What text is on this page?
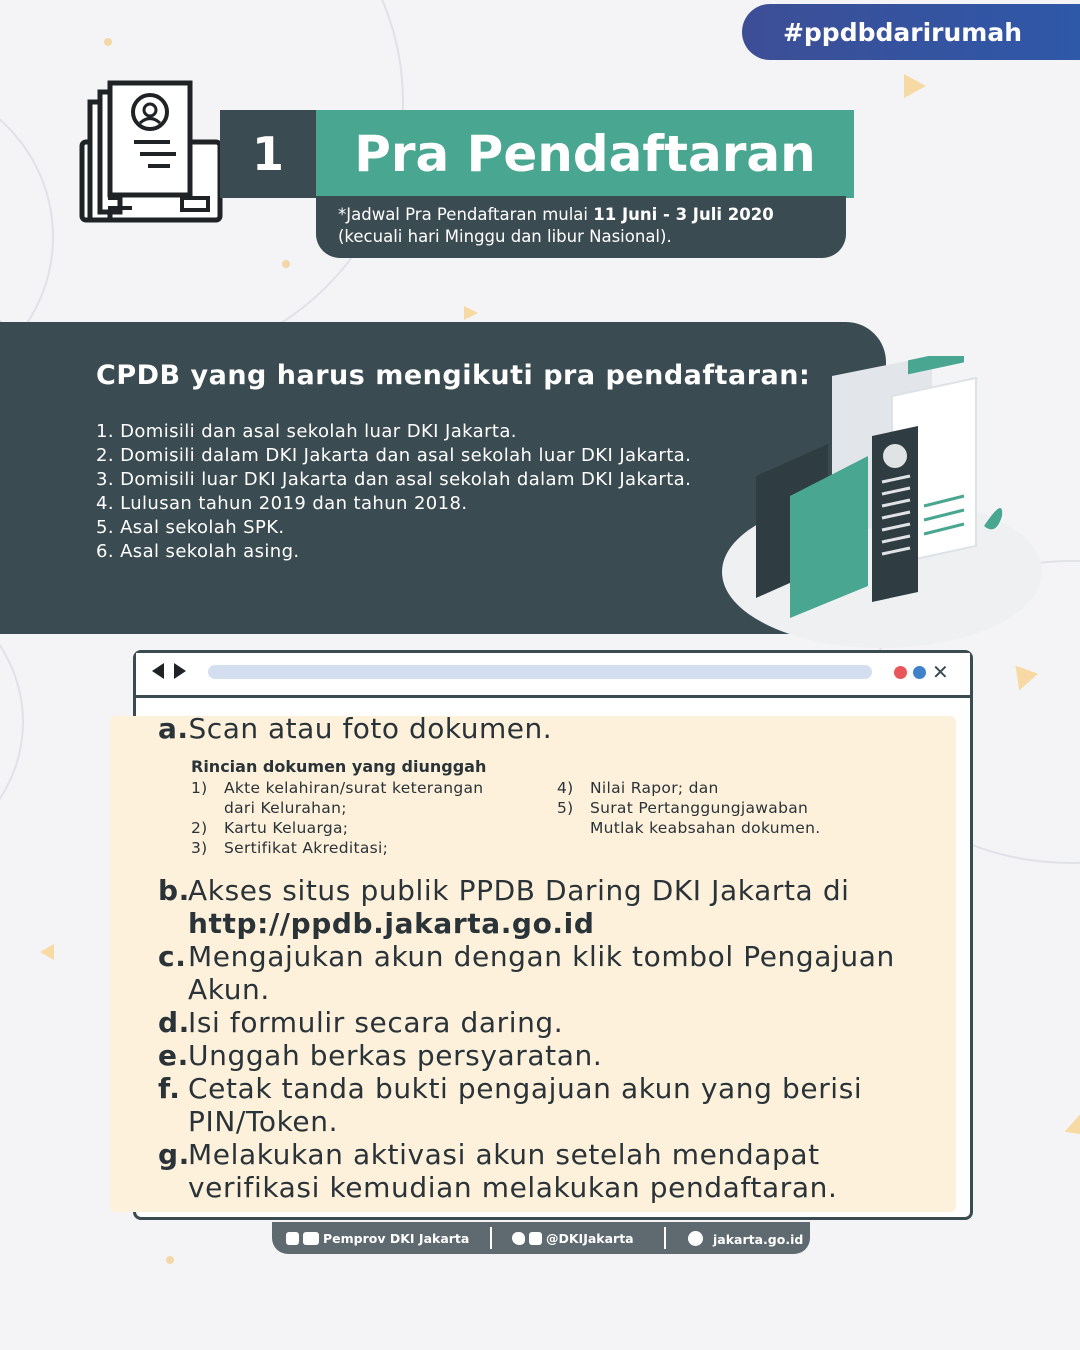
#ppdbdarirumah
1	Pra Pendaftaran
*Jadwal Pra Pendaftaran mulai 11 Juni - 3 Juli 2020
(kecuali hari Minggu dan libur Nasional).
CPDB yang harus mengikuti pra pendaftaran:
1. Domisili dan asal sekolah luar DKI Jakarta.
2. Domisili dalam DKI Jakarta dan asal sekolah luar DKI Jakarta.
3. Domisili luar DKI Jakarta dan asal sekolah dalam DKI Jakarta.
4. Lulusan tahun 2019 dan tahun 2018.
5. Asal sekolah SPK.
6. Asal sekolah asing.
✕
a.Scan atau foto dokumen.
Rincian dokumen yang diunggah
1) Akte kelahiran/surat keterangan dari Kelurahan;
2) Kartu Keluarga;
3) Sertifikat Akreditasi;
4) Nilai Rapor; dan
5) Surat Pertanggungjawaban Mutlak keabsahan dokumen.
b.
Akses situs publik PPDB Daring DKI Jakarta di
http://ppdb.jakarta.go.id
c. Mengajukan akun dengan klik tombol Pengajuan Akun.
d.
Isi formulir secara daring.
e. Unggah berkas persyaratan.
f. Cetak tanda bukti pengajuan akun yang berisi PIN/Token.
g.
Melakukan aktivasi akun setelah mendapat verifikasi kemudian melakukan pendaftaran.
Pemprov DKI Jakarta	@DKIJakarta	jakarta.go.id
